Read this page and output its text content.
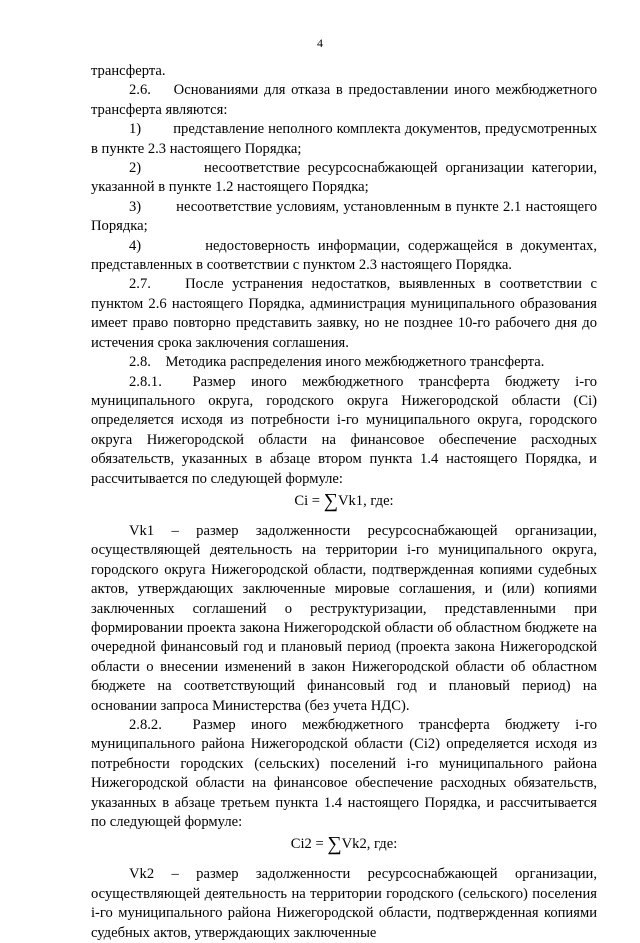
4

трансферта.

2.6.    Основаниями для отказа в предоставлении иного межбюджетного трансферта являются:

1)        представление неполного комплекта документов, предусмотренных в пункте 2.3 настоящего Порядка;

2)        несоответствие ресурсоснабжающей организации категории, указанной в пункте 1.2 настоящего Порядка;

3)        несоответствие условиям, установленным в пункте 2.1 настоящего Порядка;

4)        недостоверность информации, содержащейся в документах, представленных в соответствии с пунктом 2.3 настоящего Порядка.

2.7.    После устранения недостатков, выявленных в соответствии с пунктом 2.6 настоящего Порядка, администрация муниципального образования имеет право повторно представить заявку, но не позднее 10-го рабочего дня до истечения срока заключения соглашения.

2.8.    Методика распределения иного межбюджетного трансферта.

2.8.1.  Размер иного межбюджетного трансферта бюджету i-го муниципального округа, городского округа Нижегородской области (Ci) определяется исходя из потребности i-го муниципального округа, городского округа Нижегородской области на финансовое обеспечение расходных обязательств, указанных в абзаце втором пункта 1.4 настоящего Порядка, и рассчитывается по следующей формуле:

Ci = ∑Vk1, где:

Vk1 – размер задолженности ресурсоснабжающей организации, осуществляющей деятельность на территории i-го муниципального округа, городского округа Нижегородской области, подтвержденная копиями судебных актов, утверждающих заключенные мировые соглашения, и (или) копиями заключенных соглашений о реструктуризации, представленными при формировании проекта закона Нижегородской области об областном бюджете на очередной финансовый год и плановый период (проекта закона Нижегородской области о внесении изменений в закон Нижегородской области об областном бюджете на соответствующий финансовый год и плановый период) на основании запроса Министерства (без учета НДС).

2.8.2.  Размер иного межбюджетного трансферта бюджету i-го муниципального района Нижегородской области (Ci2) определяется исходя из потребности городских (сельских) поселений i-го муниципального района Нижегородской области на финансовое обеспечение расходных обязательств, указанных в абзаце третьем пункта 1.4 настоящего Порядка, и рассчитывается по следующей формуле:

Ci2 = ∑Vk2, где:

Vk2 – размер задолженности ресурсоснабжающей организации, осуществляющей деятельность на территории городского (сельского) поселения i-го муниципального района Нижегородской области, подтвержденная копиями судебных актов, утверждающих заключенные
